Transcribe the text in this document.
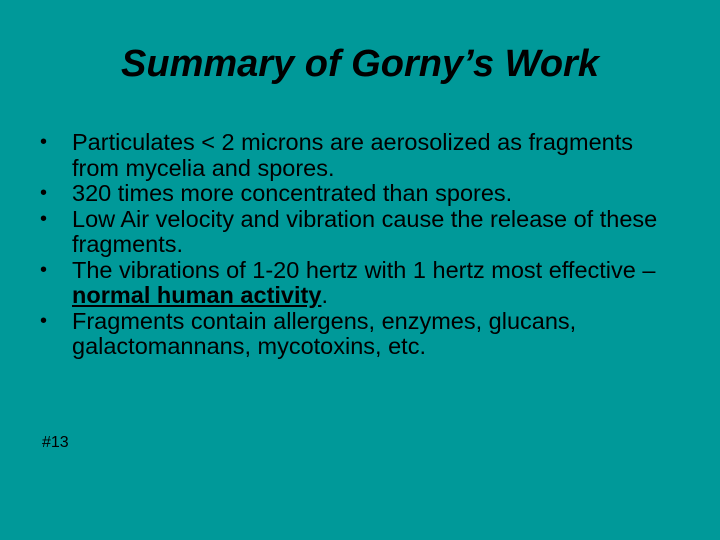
Summary of Gorny’s Work
•	Particulates < 2 microns are aerosolized as fragments from mycelia and spores.
•	320 times more concentrated than spores.
•	Low Air velocity and vibration cause the release of these fragments.
•	The vibrations of 1-20 hertz with 1 hertz most effective – normal human activity.
•	Fragments contain allergens, enzymes, glucans, galactomannans, mycotoxins, etc.
#13
